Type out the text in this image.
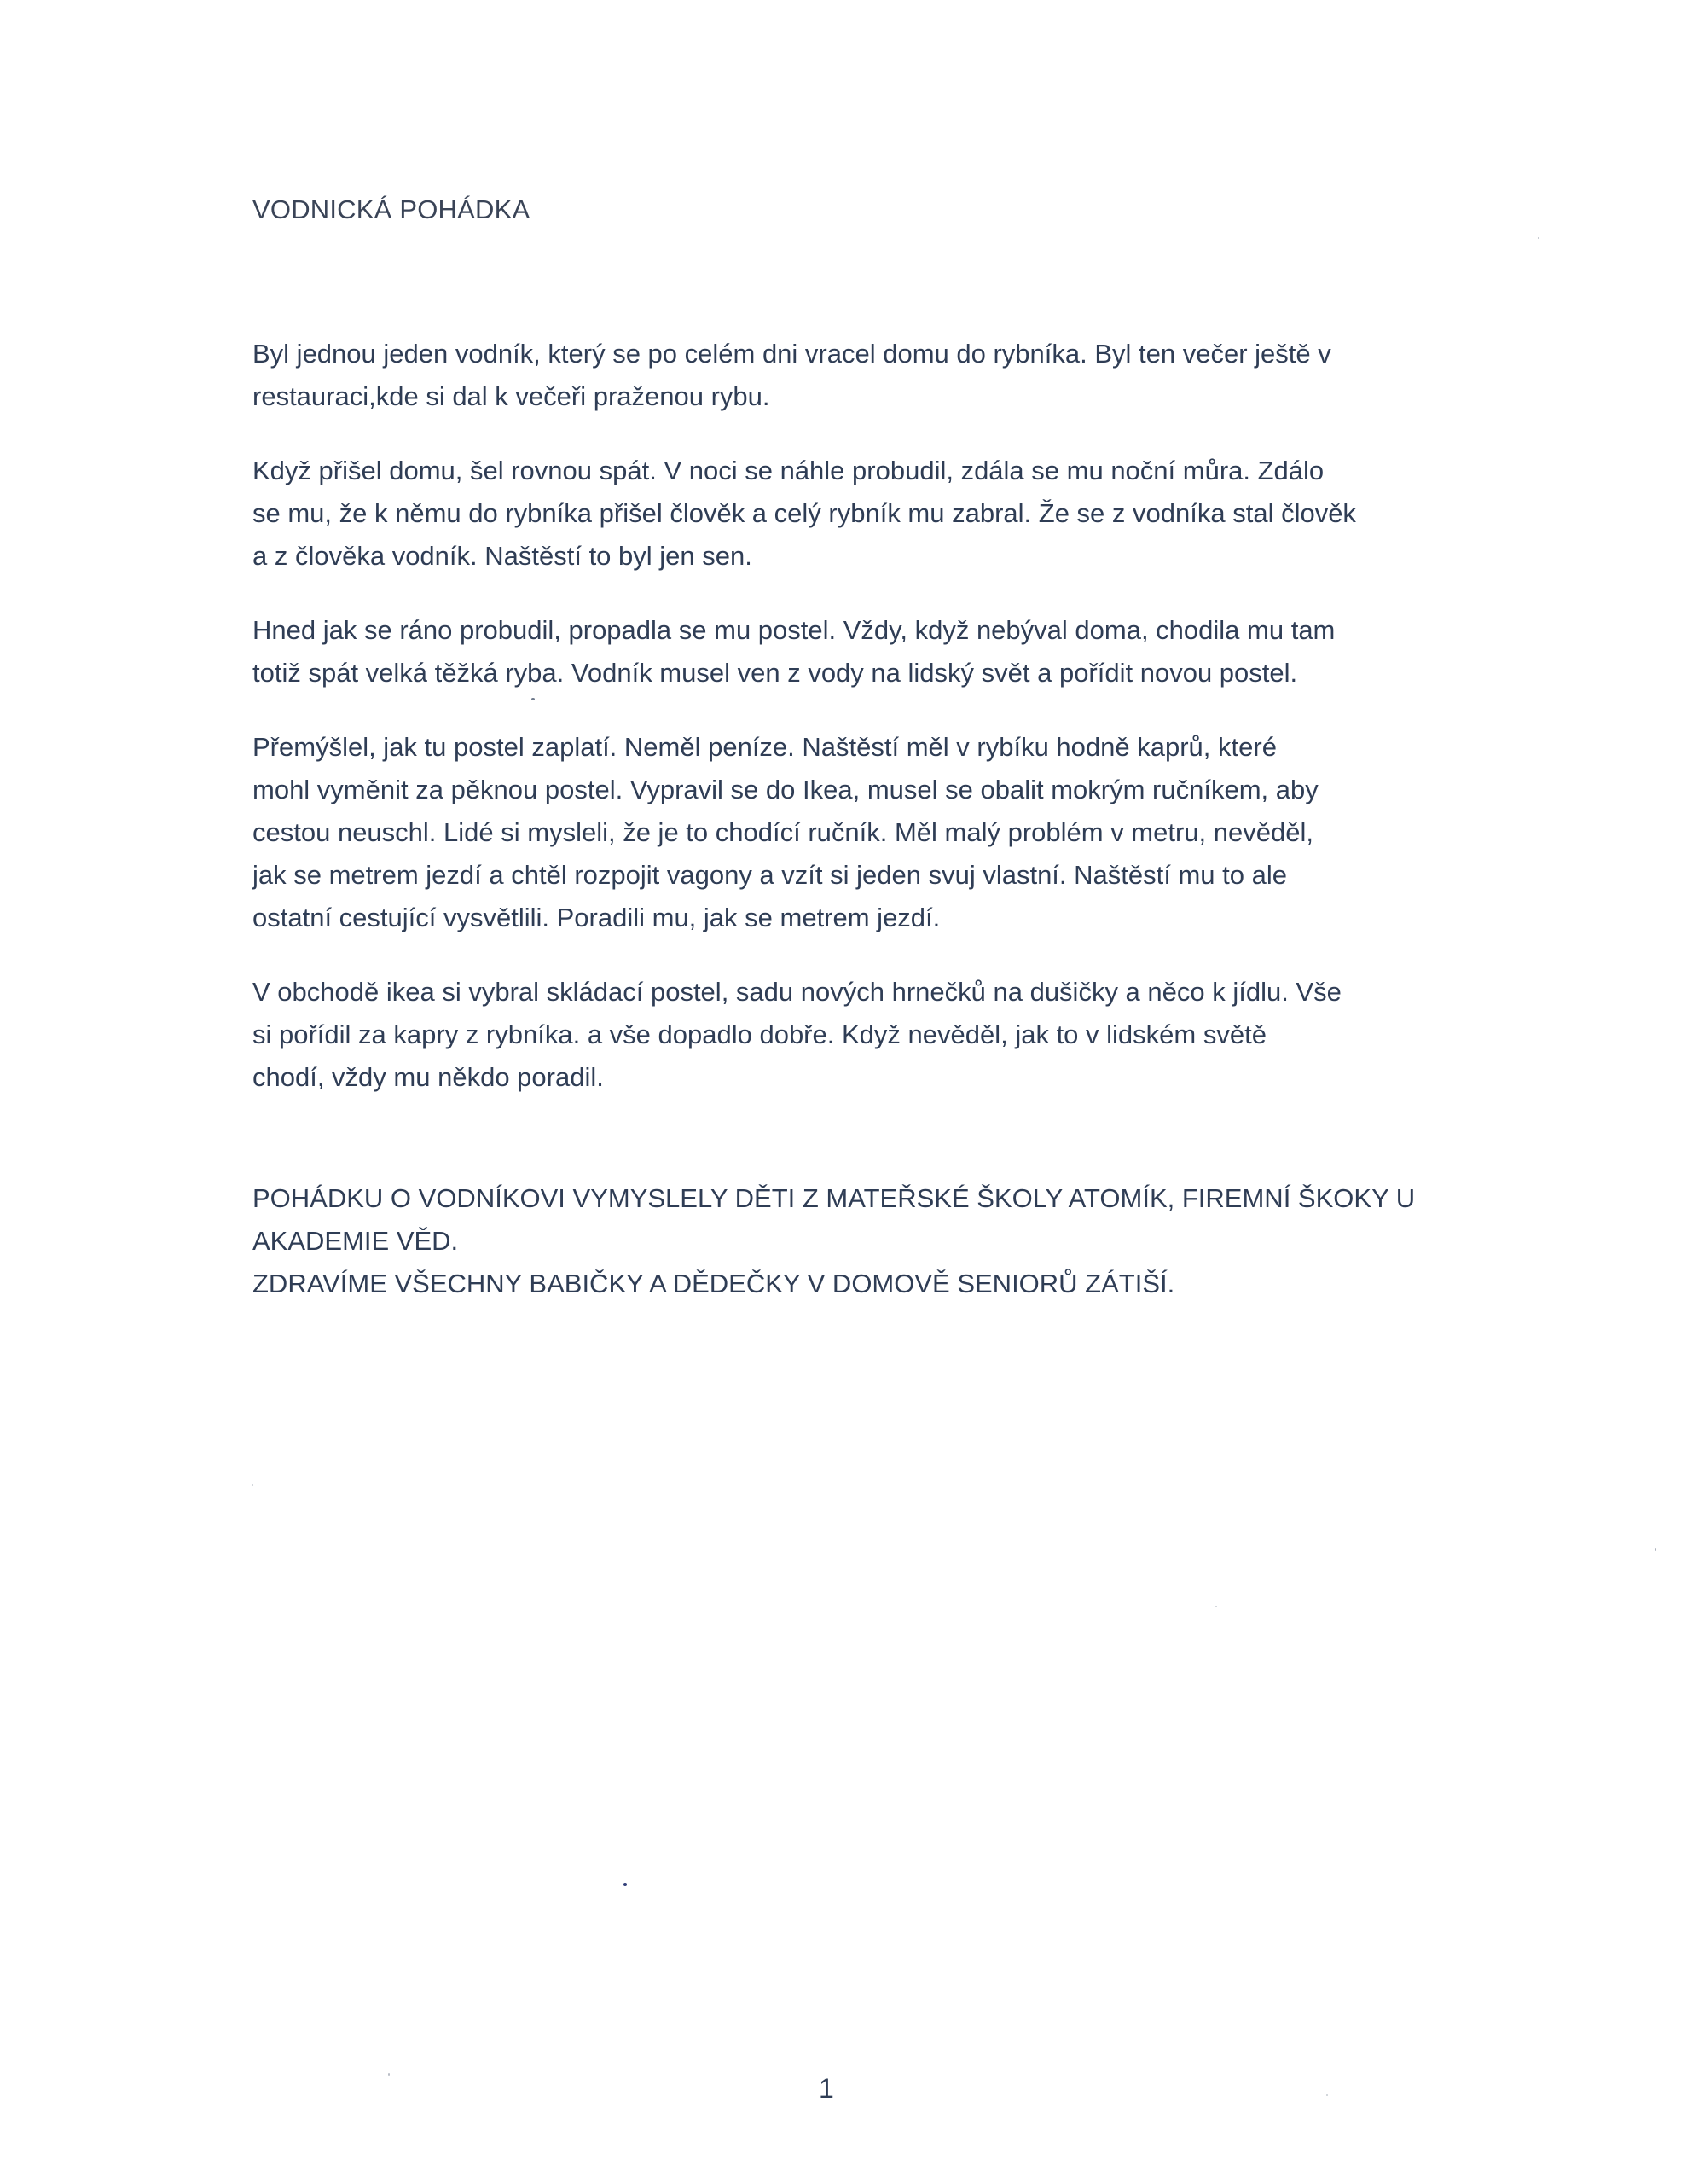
VODNICKÁ POHÁDKA

Byl jednou jeden vodník, který se po celém dni vracel domu do rybníka. Byl ten večer ještě v
restauraci,kde si dal k večeři praženou rybu.

Když přišel domu, šel rovnou spát. V noci se náhle probudil, zdála se mu noční můra. Zdálo
se mu, že k němu do rybníka přišel člověk a celý rybník mu zabral. Že se z vodníka stal člověk
a z člověka vodník. Naštěstí to byl jen sen.

Hned jak se ráno probudil, propadla se mu postel. Vždy, když nebýval doma, chodila mu tam
totiž spát velká těžká ryba. Vodník musel ven z vody na lidský svět a pořídit novou postel.

Přemýšlel, jak tu postel zaplatí. Neměl peníze. Naštěstí měl v rybíku hodně kaprů, které
mohl vyměnit za pěknou postel. Vypravil se do Ikea, musel se obalit mokrým ručníkem, aby
cestou neuschl. Lidé si mysleli, že je to chodící ručník. Měl malý problém v metru, nevěděl,
jak se metrem jezdí a chtěl rozpojit vagony a vzít si jeden svuj vlastní. Naštěstí mu to ale
ostatní cestující vysvětlili. Poradili mu, jak se metrem jezdí.

V obchodě ikea si vybral skládací postel, sadu nových hrnečků na dušičky a něco k jídlu. Vše
si pořídil za kapry z rybníka. a vše dopadlo dobře. Když nevěděl, jak to v lidském světě
chodí, vždy mu někdo poradil.

POHÁDKU O VODNÍKOVI VYMYSLELY DĚTI Z MATEŘSKÉ ŠKOLY ATOMÍK, FIREMNÍ ŠKOKY U
AKADEMIE VĚD.
ZDRAVÍME VŠECHNY BABIČKY A DĚDEČKY V DOMOVĚ SENIORŮ ZÁTIŠÍ.
1
